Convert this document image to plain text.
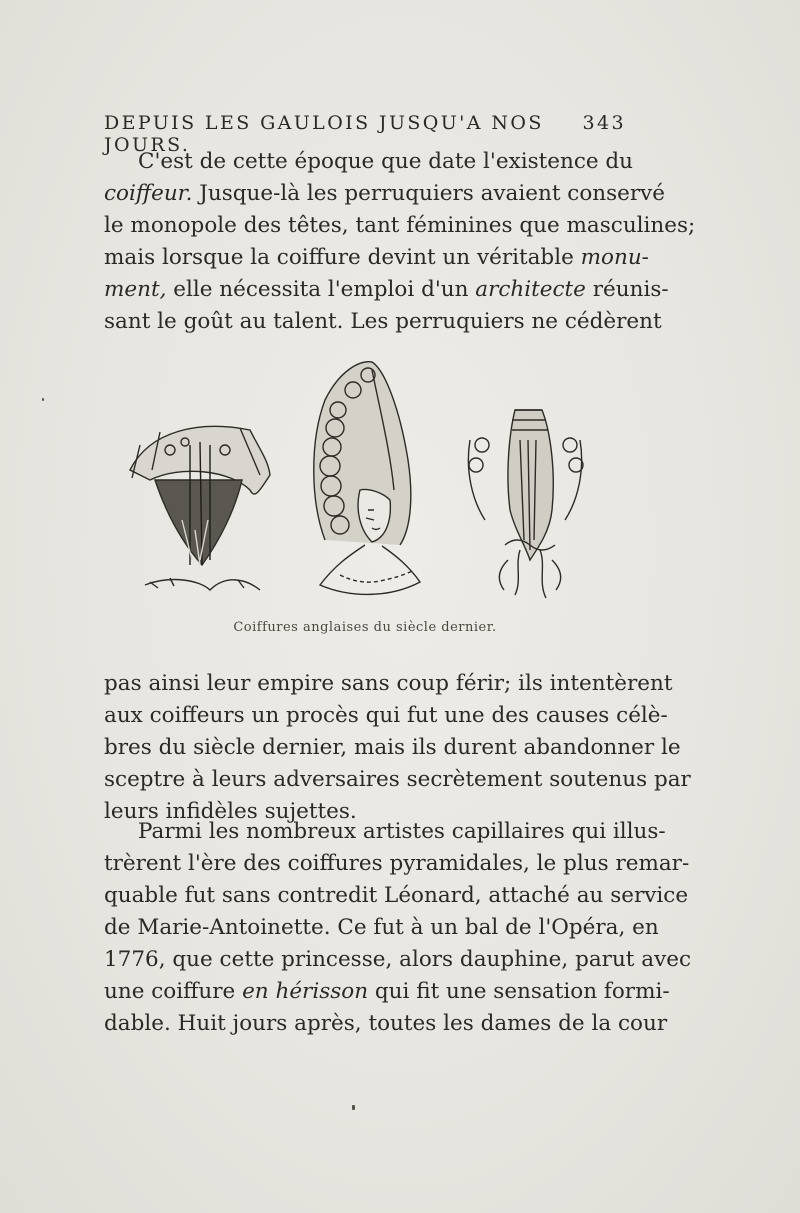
DEPUIS LES GAULOIS JUSQU'A NOS JOURS.
343
C'est de cette époque que date l'existence du
coiffeur. Jusque-là les perruquiers avaient conservé
le monopole des têtes, tant féminines que masculines;
mais lorsque la coiffure devint un véritable monu-
ment, elle nécessita l'emploi d'un architecte réunis-
sant le goût au talent. Les perruquiers ne cédèrent
Coiffures anglaises du siècle dernier.
pas ainsi leur empire sans coup férir; ils intentèrent
aux coiffeurs un procès qui fut une des causes célè-
bres du siècle dernier, mais ils durent abandonner le
sceptre à leurs adversaires secrètement soutenus par
leurs infidèles sujettes.
Parmi les nombreux artistes capillaires qui illus-
trèrent l'ère des coiffures pyramidales, le plus remar-
quable fut sans contredit Léonard, attaché au service
de Marie-Antoinette. Ce fut à un bal de l'Opéra, en
1776, que cette princesse, alors dauphine, parut avec
une coiffure en hérisson qui fit une sensation formi-
dable. Huit jours après, toutes les dames de la cour
